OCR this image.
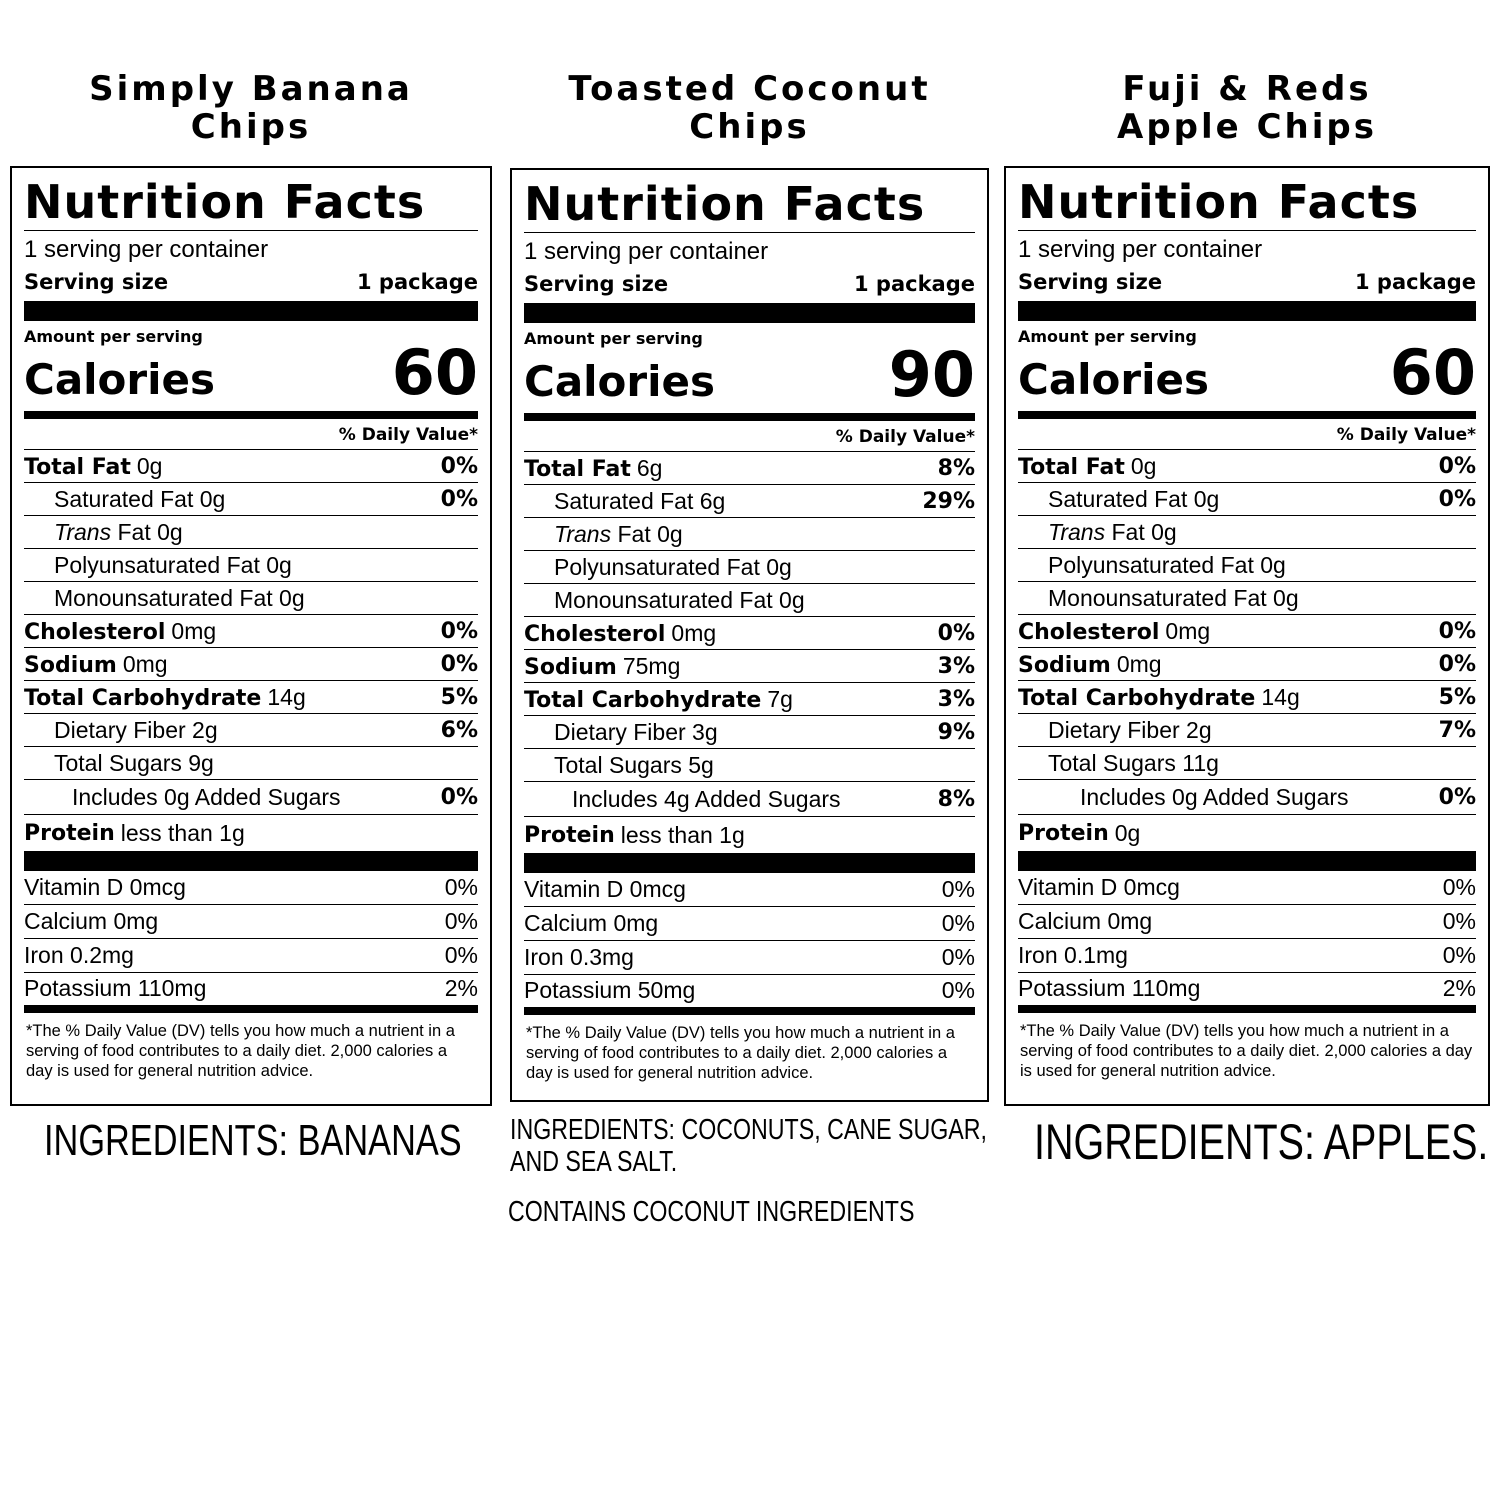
Simply Banana
Chips
Nutrition Facts
1 serving per container
Serving size	1 package
Amount per serving
Calories	60
% Daily Value*
Total Fat 0g	0%
Saturated Fat 0g	0%
Trans Fat 0g
Polyunsaturated Fat 0g
Monounsaturated Fat 0g
Cholesterol 0mg	0%
Sodium 0mg	0%
Total Carbohydrate 14g	5%
Dietary Fiber 2g	6%
Total Sugars 9g
Includes 0g Added Sugars	0%
Protein less than 1g
Vitamin D 0mcg	0%
Calcium 0mg	0%
Iron 0.2mg	0%
Potassium 110mg	2%
*The % Daily Value (DV) tells you how much a nutrient in a serving of food contributes to a daily diet. 2,000 calories a day is used for general nutrition advice.
INGREDIENTS: BANANAS
Toasted Coconut
Chips
Nutrition Facts
1 serving per container
Serving size	1 package
Amount per serving
Calories	90
% Daily Value*
Total Fat 6g	8%
Saturated Fat 6g	29%
Trans Fat 0g
Polyunsaturated Fat 0g
Monounsaturated Fat 0g
Cholesterol 0mg	0%
Sodium 75mg	3%
Total Carbohydrate 7g	3%
Dietary Fiber 3g	9%
Total Sugars 5g
Includes 4g Added Sugars	8%
Protein less than 1g
Vitamin D 0mcg	0%
Calcium 0mg	0%
Iron 0.3mg	0%
Potassium 50mg	0%
*The % Daily Value (DV) tells you how much a nutrient in a serving of food contributes to a daily diet. 2,000 calories a day is used for general nutrition advice.
INGREDIENTS: COCONUTS, CANE SUGAR, AND SEA SALT.
CONTAINS COCONUT INGREDIENTS
Fuji & Reds
Apple Chips
Nutrition Facts
1 serving per container
Serving size	1 package
Amount per serving
Calories	60
% Daily Value*
Total Fat 0g	0%
Saturated Fat 0g	0%
Trans Fat 0g
Polyunsaturated Fat 0g
Monounsaturated Fat 0g
Cholesterol 0mg	0%
Sodium 0mg	0%
Total Carbohydrate 14g	5%
Dietary Fiber 2g	7%
Total Sugars 11g
Includes 0g Added Sugars	0%
Protein 0g
Vitamin D 0mcg	0%
Calcium 0mg	0%
Iron 0.1mg	0%
Potassium 110mg	2%
*The % Daily Value (DV) tells you how much a nutrient in a serving of food contributes to a daily diet. 2,000 calories a day is used for general nutrition advice.
INGREDIENTS: APPLES.
